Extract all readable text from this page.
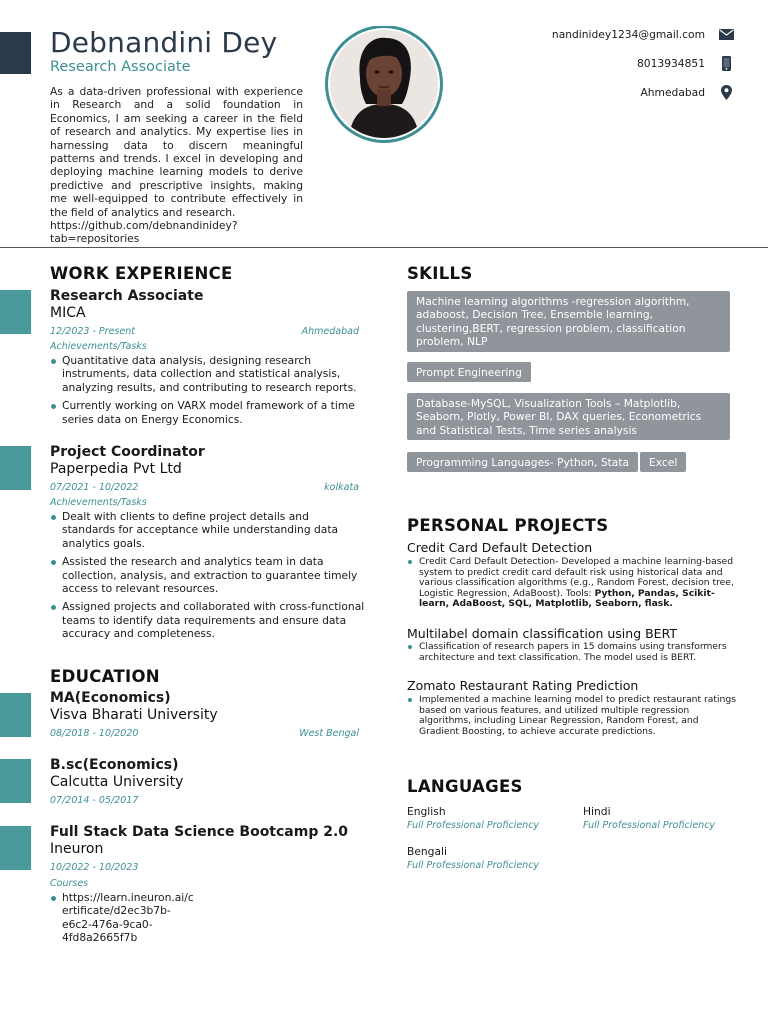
Debnandini Dey
Research Associate
As a data-driven professional with experience in Research and a solid foundation in Economics, I am seeking a career in the field of research and analytics. My expertise lies in harnessing data to discern meaningful patterns and trends. I excel in developing and deploying machine learning models to derive predictive and prescriptive insights, making me well-equipped to contribute effectively in the field of analytics and research.
https://github.com/debnandinidey?
tab=repositories
nandinidey1234@gmail.com
8013934851
Ahmedabad
WORK EXPERIENCE
Research Associate
MICA
12/2023 - Present	Ahmedabad
Achievements/Tasks
Quantitative data analysis, designing research instruments, data collection and statistical analysis, analyzing results, and contributing to research reports.
Currently working on VARX model framework of a time series data on Energy Economics.
Project Coordinator
Paperpedia Pvt Ltd
07/2021 - 10/2022	kolkata
Achievements/Tasks
Dealt with clients to define project details and standards for acceptance while understanding data analytics goals.
Assisted the research and analytics team in data collection, analysis, and extraction to guarantee timely access to relevant resources.
Assigned projects and collaborated with cross-functional teams to identify data requirements and ensure data accuracy and completeness.
EDUCATION
MA(Economics)
Visva Bharati University
08/2018 - 10/2020	West Bengal
B.sc(Economics)
Calcutta University
07/2014 - 05/2017
Full Stack Data Science Bootcamp 2.0
Ineuron
10/2022 - 10/2023
Courses
https://learn.ineuron.ai/c
ertificate/d2ec3b7b-
e6c2-476a-9ca0-
4fd8a2665f7b
SKILLS
Machine learning algorithms -regression algorithm, adaboost, Decision Tree, Ensemble learning, clustering,BERT, regression problem, classification problem, NLP
Prompt Engineering
Database-MySQL, Visualization Tools – Matplotlib, Seaborn, Plotly, Power BI, DAX queries, Econometrics and Statistical Tests, Time series analysis
Programming Languages- Python, Stata	Excel
PERSONAL PROJECTS
Credit Card Default Detection
Credit Card Default Detection- Developed a machine learning-based system to predict credit card default risk using historical data and various classification algorithms (e.g., Random Forest, decision tree, Logistic Regression, AdaBoost). Tools: Python, Pandas, Scikit-learn, AdaBoost, SQL, Matplotlib, Seaborn, flask.
Multilabel domain classification using BERT
Classification of research papers in 15 domains using transformers architecture and text classification. The model used is BERT.
Zomato Restaurant Rating Prediction
Implemented a machine learning model to predict restaurant ratings based on various features, and utilized multiple regression algorithms, including Linear Regression, Random Forest, and Gradient Boosting, to achieve accurate predictions.
LANGUAGES
English
Full Professional Proficiency
Hindi
Full Professional Proficiency
Bengali
Full Professional Proficiency
